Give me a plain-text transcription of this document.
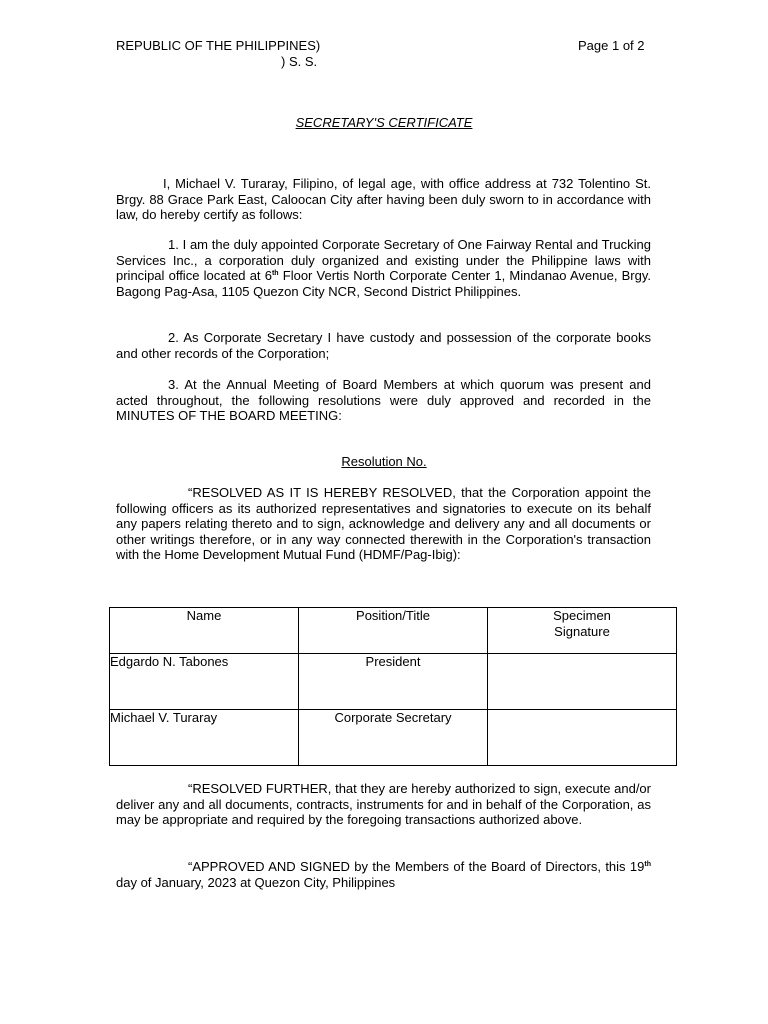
REPUBLIC OF THE PHILIPPINES)
) S. S.
Page 1 of 2
SECRETARY'S CERTIFICATE

I, Michael V. Turaray, Filipino, of legal age, with office address at 732 Tolentino St. Brgy. 88 Grace Park East, Caloocan City after having been duly sworn to in accordance with law, do hereby certify as follows:

1. I am the duly appointed Corporate Secretary of One Fairway Rental and Trucking Services Inc., a corporation duly organized and existing under the Philippine laws with principal office located at 6th Floor Vertis North Corporate Center 1, Mindanao Avenue, Brgy. Bagong Pag-Asa, 1105 Quezon City NCR, Second District Philippines.

2. As Corporate Secretary I have custody and possession of the corporate books and other records of the Corporation;

3. At the Annual Meeting of Board Members at which quorum was present and acted throughout, the following resolutions were duly approved and recorded in the MINUTES OF THE BOARD MEETING:

Resolution No.

“RESOLVED AS IT IS HEREBY RESOLVED, that the Corporation appoint the following officers as its authorized representatives and signatories to execute on its behalf any papers relating thereto and to sign, acknowledge and delivery any and all documents or other writings therefore, or in any way connected therewith in the Corporation's transaction with the Home Development Mutual Fund (HDMF/Pag-Ibig):

Name	Position/Title	Specimen
Signature
Edgardo N. Tabones	President	
Michael V. Turaray	Corporate Secretary	

“RESOLVED FURTHER, that they are hereby authorized to sign, execute and/or deliver any and all documents, contracts, instruments for and in behalf of the Corporation, as may be appropriate and required by the foregoing transactions authorized above.

“APPROVED AND SIGNED by the Members of the Board of Directors, this 19th day of January, 2023 at Quezon City, Philippines
